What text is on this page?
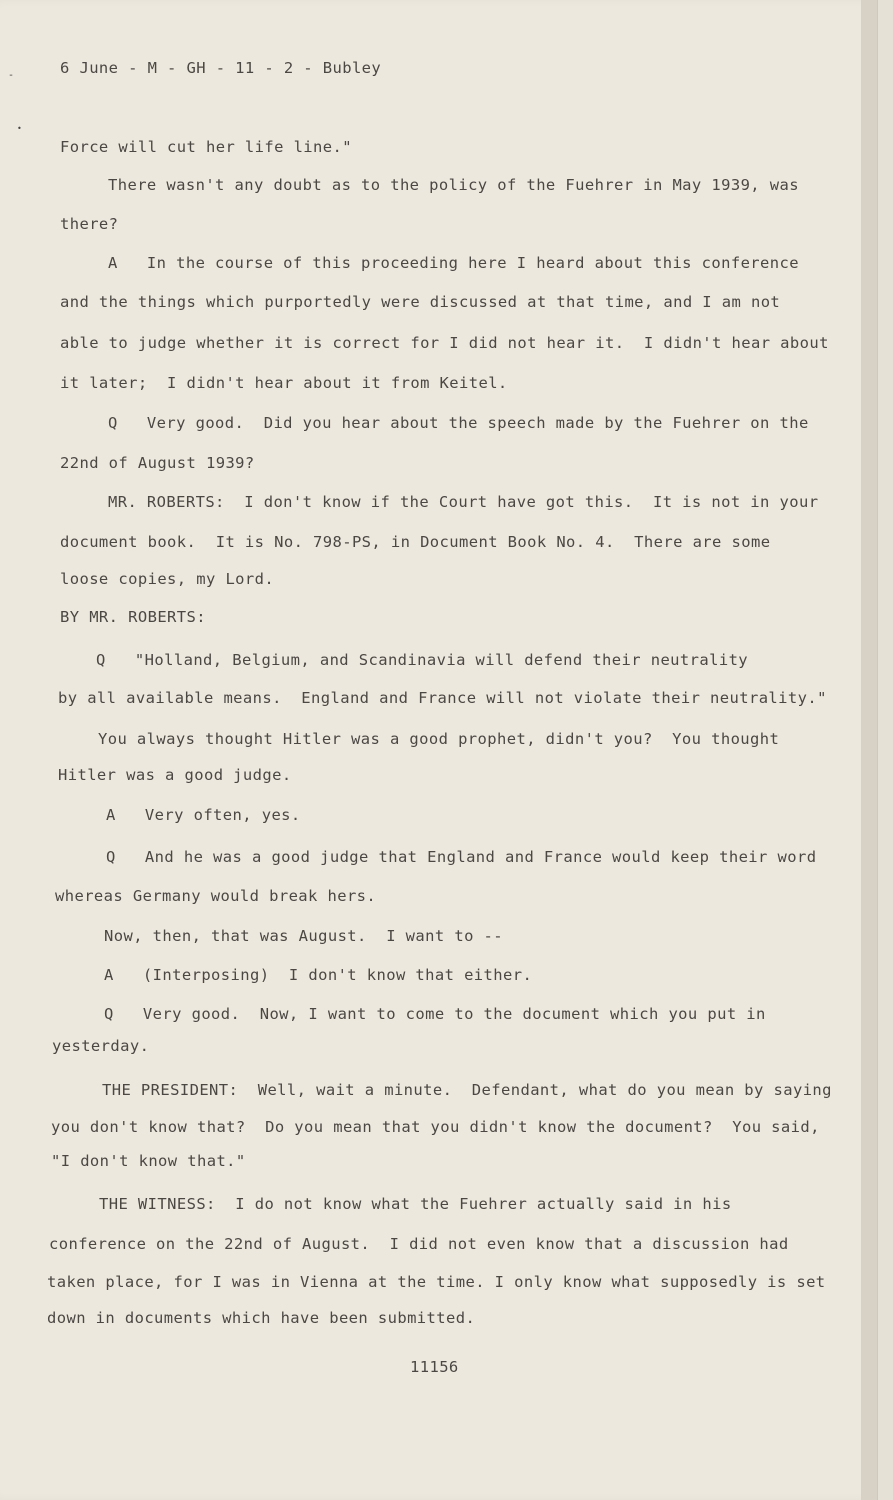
-
•
6 June - M - GH - 11 - 2 - Bubley
Force will cut her life line."
There wasn't any doubt as to the policy of the Fuehrer in May 1939, was
there?
A   In the course of this proceeding here I heard about this conference
and the things which purportedly were discussed at that time, and I am not
able to judge whether it is correct for I did not hear it.  I didn't hear about
it later;  I didn't hear about it from Keitel.
Q   Very good.  Did you hear about the speech made by the Fuehrer on the
22nd of August 1939?
MR. ROBERTS:  I don't know if the Court have got this.  It is not in your
document book.  It is No. 798-PS, in Document Book No. 4.  There are some
loose copies, my Lord.
BY MR. ROBERTS:
Q   "Holland, Belgium, and Scandinavia will defend their neutrality
by all available means.  England and France will not violate their neutrality."
You always thought Hitler was a good prophet, didn't you?  You thought
Hitler was a good judge.
A   Very often, yes.
Q   And he was a good judge that England and France would keep their word
whereas Germany would break hers.
Now, then, that was August.  I want to --
A   (Interposing)  I don't know that either.
Q   Very good.  Now, I want to come to the document which you put in
yesterday.
THE PRESIDENT:  Well, wait a minute.  Defendant, what do you mean by saying
you don't know that?  Do you mean that you didn't know the document?  You said,
"I don't know that."
THE WITNESS:  I do not know what the Fuehrer actually said in his
conference on the 22nd of August.  I did not even know that a discussion had
taken place, for I was in Vienna at the time. I only know what supposedly is set
down in documents which have been submitted.
11156
